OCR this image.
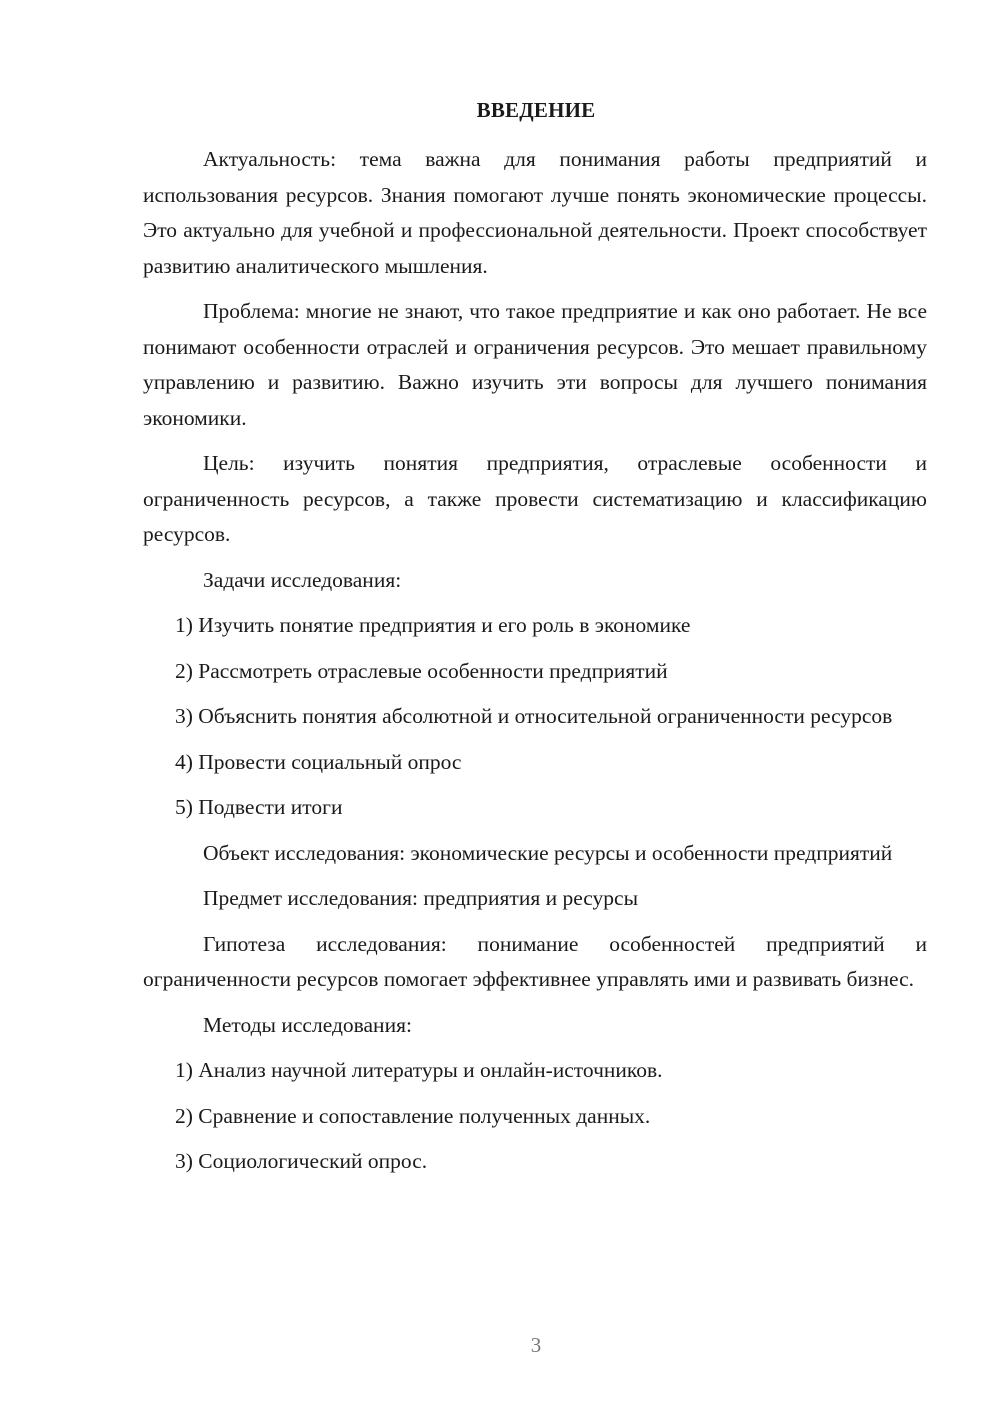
ВВЕДЕНИЕ

Актуальность: тема важна для понимания работы предприятий и использования ресурсов. Знания помогают лучше понять экономические процессы. Это актуально для учебной и профессиональной деятельности. Проект способствует развитию аналитического мышления.

Проблема: многие не знают, что такое предприятие и как оно работает. Не все понимают особенности отраслей и ограничения ресурсов. Это мешает правильному управлению и развитию. Важно изучить эти вопросы для лучшего понимания экономики.

Цель: изучить понятия предприятия, отраслевые особенности и ограниченность ресурсов, а также провести систематизацию и классификацию ресурсов.

Задачи исследования:

1) Изучить понятие предприятия и его роль в экономике

2) Рассмотреть отраслевые особенности предприятий

3) Объяснить понятия абсолютной и относительной ограниченности ресурсов

4) Провести социальный опрос

5) Подвести итоги

Объект исследования: экономические ресурсы и особенности предприятий

Предмет исследования: предприятия и ресурсы

Гипотеза исследования: понимание особенностей предприятий и ограниченности ресурсов помогает эффективнее управлять ими и развивать бизнес.

Методы исследования:

1) Анализ научной литературы и онлайн-источников.

2) Сравнение и сопоставление полученных данных.

3) Социологический опрос.

3
